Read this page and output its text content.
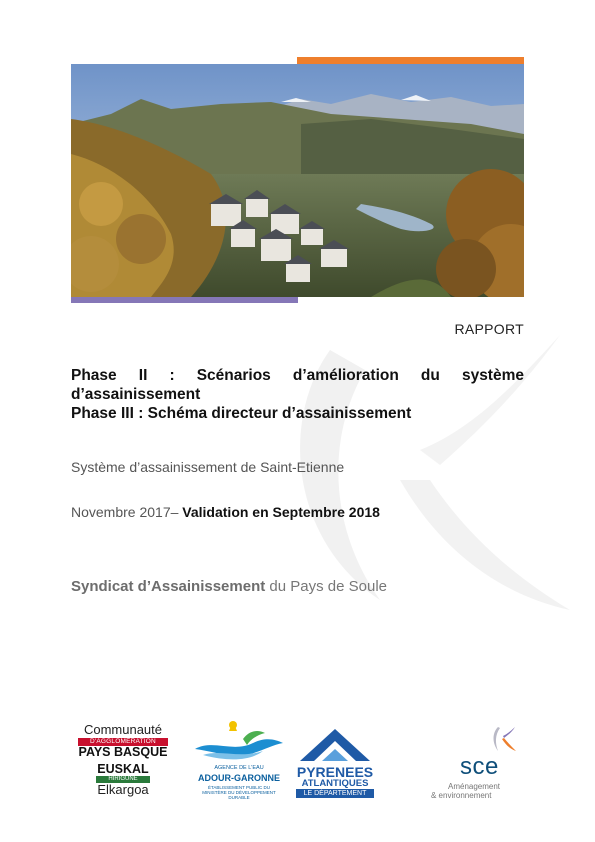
RAPPORT
Phase II : Scénarios d’amélioration du système
d’assainissement
Phase III : Schéma directeur d’assainissement
Système d’assainissement de Saint-Etienne
Novembre 2017– Validation en Septembre 2018
Syndicat d’Assainissement du Pays de Soule
Communauté
D'AGGLOMÉRATION
PAYS BASQUE
EUSKAL
HIRIGUNE
Elkargoa
AGENCE DE L'EAU
ADOUR-GARONNE
ÉTABLISSEMENT PUBLIC DU MINISTÈRE DU DÉVELOPPEMENT DURABLE
PYRENEES
ATLANTIQUES
LE DÉPARTEMENT
sce
Aménagement
& environnement
